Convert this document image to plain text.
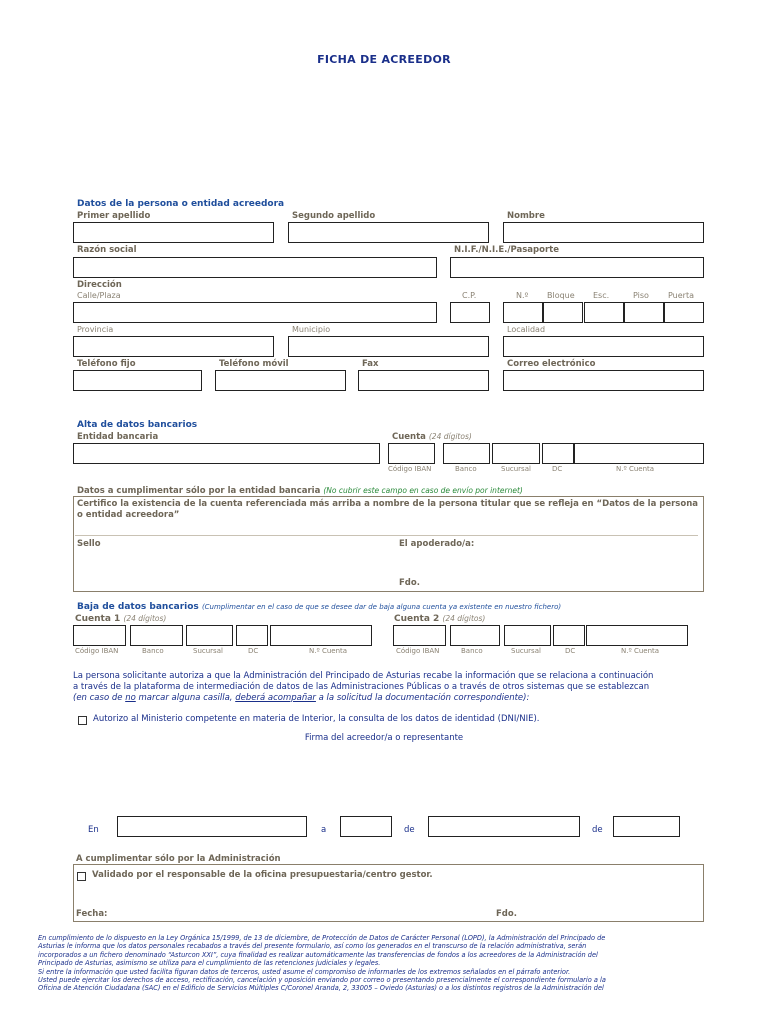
FICHA DE ACREEDOR
Datos de la persona o entidad acreedora
Primer apellido	Segundo apellido	Nombre
Razón social	N.I.F./N.I.E./Pasaporte
Dirección
Calle/Plaza	C.P.	N.º Bloque Esc.	Piso Puerta
Provincia	Municipio	Localidad
Teléfono fijo	Teléfono móvil	Fax	Correo electrónico
Alta de datos bancarios
Entidad bancaria	Cuenta (24 dígitos)
Código IBAN	Banco	Sucursal	DC	N.º Cuenta
Datos a cumplimentar sólo por la entidad bancaria (No cubrir este campo en caso de envío por internet)
Certifico la existencia de la cuenta referenciada más arriba a nombre de la persona titular que se refleja en “Datos de la persona o entidad acreedora”
Sello	El apoderado/a:
Fdo.
Baja de datos bancarios (Cumplimentar en el caso de que se desee dar de baja alguna cuenta ya existente en nuestro fichero)
Cuenta 1 (24 dígitos)	Cuenta 2 (24 dígitos)
Código IBAN	Banco	Sucursal	DC	N.º Cuenta	Código IBAN	Banco	Sucursal	DC	N.º Cuenta
La persona solicitante autoriza a que la Administración del Principado de Asturias recabe la información que se relaciona a continuación
a través de la plataforma de intermediación de datos de las Administraciones Públicas o a través de otros sistemas que se establezcan
(en caso de no marcar alguna casilla, deberá acompañar a la solicitud la documentación correspondiente):
Autorizo al Ministerio competente en materia de Interior, la consulta de los datos de identidad (DNI/NIE).
Firma del acreedor/a o representante
En	a	de	de
A cumplimentar sólo por la Administración
Validado por el responsable de la oficina presupuestaria/centro gestor.
Fecha:	Fdo.
En cumplimiento de lo dispuesto en la Ley Orgánica 15/1999, de 13 de diciembre, de Protección de Datos de Carácter Personal (LOPD), la Administración del Principado de
Asturias le informa que los datos personales recabados a través del presente formulario, así como los generados en el transcurso de la relación administrativa, serán
incorporados a un fichero denominado “Asturcon XXI”, cuya finalidad es realizar automáticamente las transferencias de fondos a los acreedores de la Administración del
Principado de Asturias, asimismo se utiliza para el cumplimiento de las retenciones judiciales y legales.
Si entre la información que usted facilita figuran datos de terceros, usted asume el compromiso de informarles de los extremos señalados en el párrafo anterior.
Usted puede ejercitar los derechos de acceso, rectificación, cancelación y oposición enviando por correo o presentando presencialmente el correspondiente formulario a la
Oficina de Atención Ciudadana (SAC) en el Edificio de Servicios Múltiples C/Coronel Aranda, 2, 33005 – Oviedo (Asturias) o a los distintos registros de la Administración del
